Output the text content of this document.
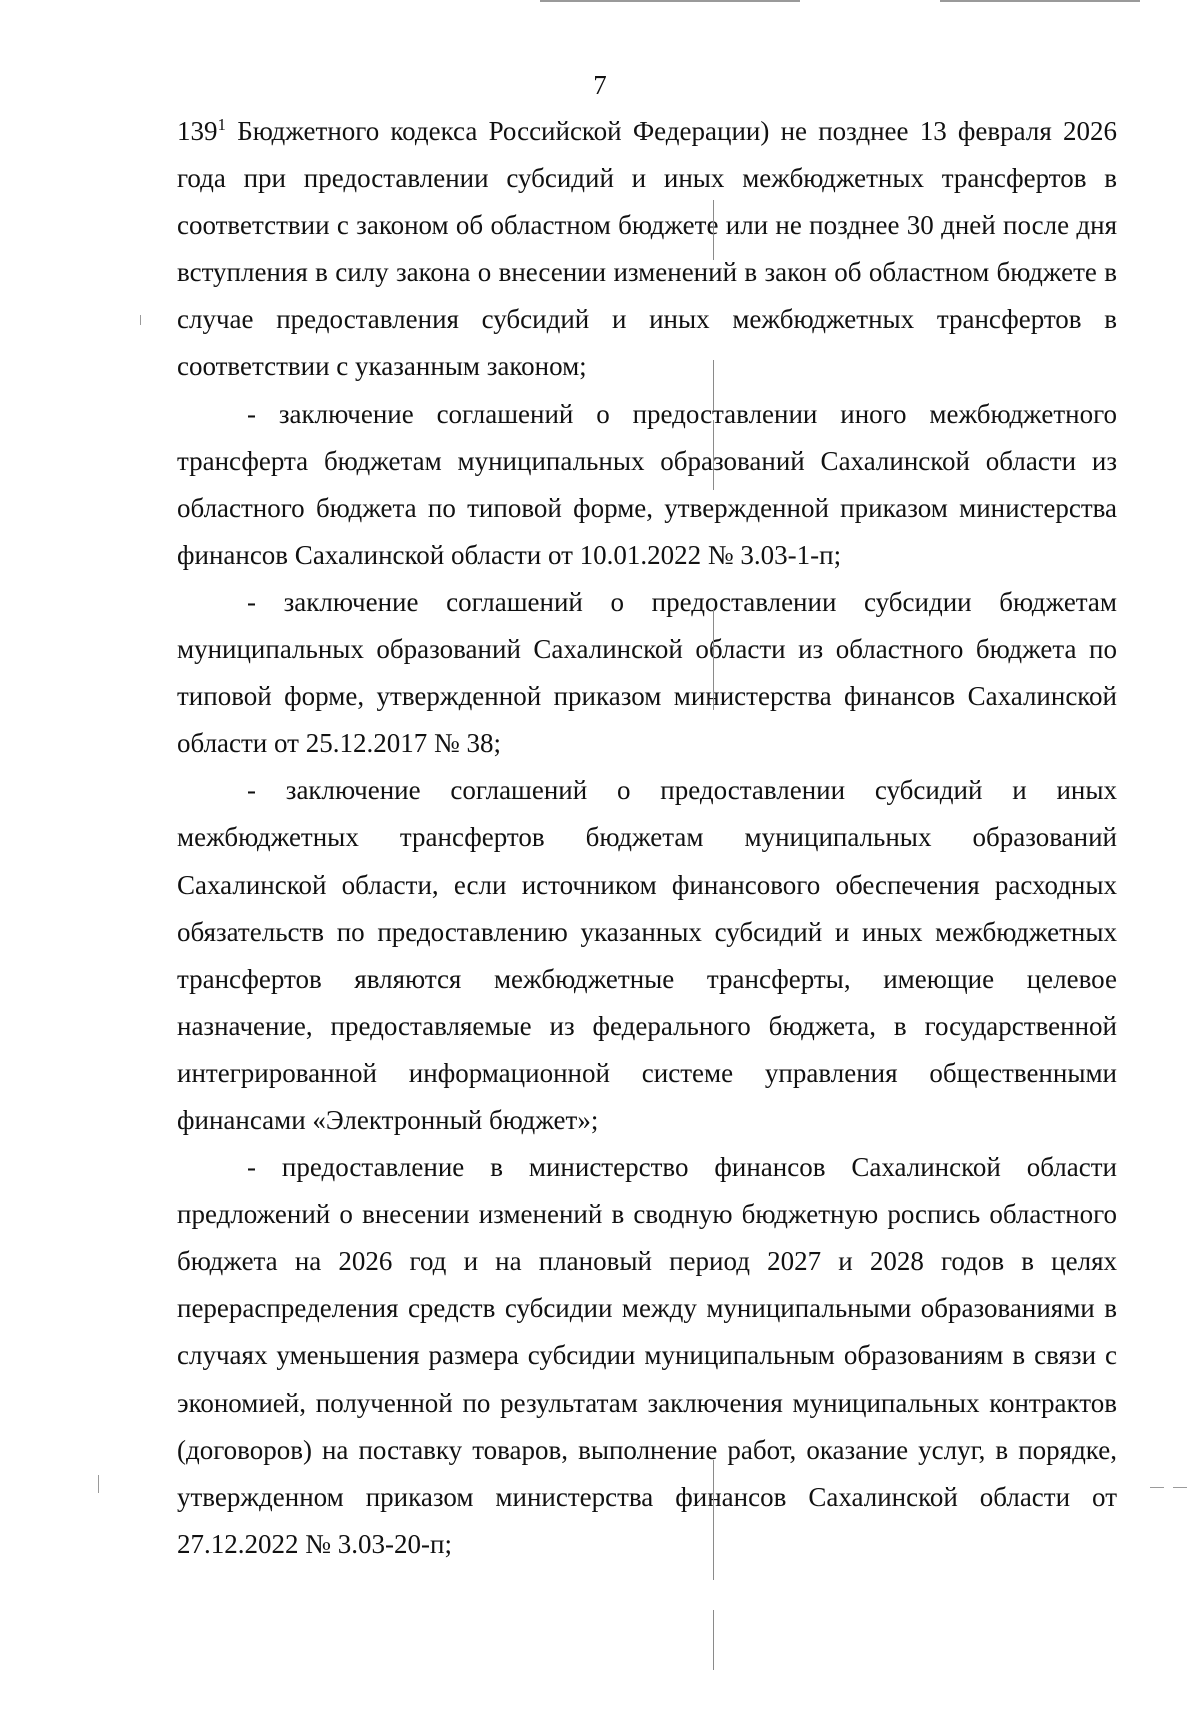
7

$139^1$ Бюджетного кодекса Российской Федерации) не позднее 13 февраля 2026 года при предоставлении субсидий и иных межбюджетных трансфертов в соответствии с законом об областном бюджете или не позднее 30 дней после дня вступления в силу закона о внесении изменений в закон об областном бюджете в случае предоставления субсидий и иных межбюджетных трансфертов в соответствии с указанным законом;

- заключение соглашений о предоставлении иного межбюджетного трансферта бюджетам муниципальных образований Сахалинской области из областного бюджета по типовой форме, утвержденной приказом министерства финансов Сахалинской области от 10.01.2022 № 3.03-1-п;

- заключение соглашений о предоставлении субсидии бюджетам муниципальных образований Сахалинской области из областного бюджета по типовой форме, утвержденной приказом министерства финансов Сахалинской области от 25.12.2017 № 38;

- заключение соглашений о предоставлении субсидий и иных межбюджетных трансфертов бюджетам муниципальных образований Сахалинской области, если источником финансового обеспечения расходных обязательств по предоставлению указанных субсидий и иных межбюджетных трансфертов являются межбюджетные трансферты, имеющие целевое назначение, предоставляемые из федерального бюджета, в государственной интегрированной информационной системе управления общественными финансами «Электронный бюджет»;

- предоставление в министерство финансов Сахалинской области предложений о внесении изменений в сводную бюджетную роспись областного бюджета на 2026 год и на плановый период 2027 и 2028 годов в целях перераспределения средств субсидии между муниципальными образованиями в случаях уменьшения размера субсидии муниципальным образованиям в связи с экономией, полученной по результатам заключения муниципальных контрактов (договоров) на поставку товаров, выполнение работ, оказание услуг, в порядке, утвержденном приказом министерства финансов Сахалинской области от 27.12.2022 № 3.03-20-п;
